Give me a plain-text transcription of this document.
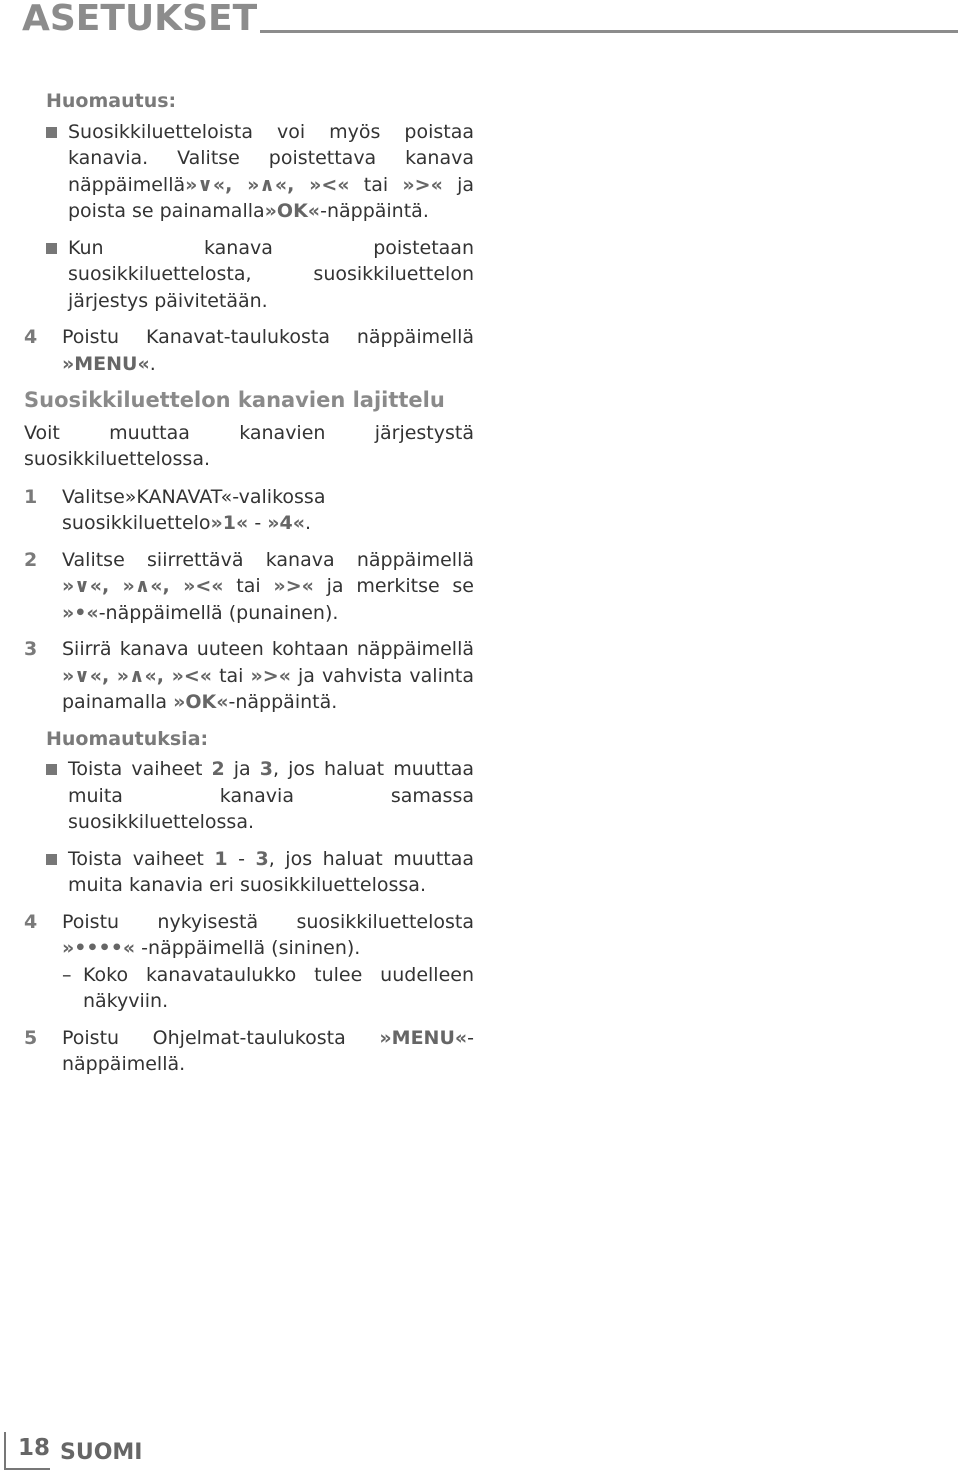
ASETUKSET
Huomautus:
Suosikkiluetteloista voi myös poistaa kanavia. Valitse poistettava kanava näppäimellä»∨«, »∧«, »<« tai »>« ja poista se painamalla»OK«-näppäintä.
Kun kanava poistetaan suosikkiluettelosta, suosikkiluettelon järjestys päivitetään.
4 Poistu Kanavat-taulukosta näppäimellä »MENU«.
Suosikkiluettelon kanavien lajittelu
Voit muuttaa kanavien järjestystä suosikkiluettelossa.
1 Valitse»KANAVAT«-valikossa suosikkiluettelo»1« - »4«.
2 Valitse siirrettävä kanava näppäimellä »∨«, »∧«, »<« tai »>« ja merkitse se »•«-näppäimellä (punainen).
3 Siirrä kanava uuteen kohtaan näppäimellä »∨«, »∧«, »<« tai »>« ja vahvista valinta painamalla »OK«-näppäintä.
Huomautuksia:
Toista vaiheet 2 ja 3, jos haluat muuttaa muita kanavia samassa suosikkiluettelossa.
Toista vaiheet 1 - 3, jos haluat muuttaa muita kanavia eri suosikkiluettelossa.
4 Poistu nykyisestä suosikkiluettelosta »••••« -näppäimellä (sininen).
– Koko kanavataulukko tulee uudelleen näkyviin.
5 Poistu Ohjelmat-taulukosta »MENU«-näppäimellä.
18 SUOMI
